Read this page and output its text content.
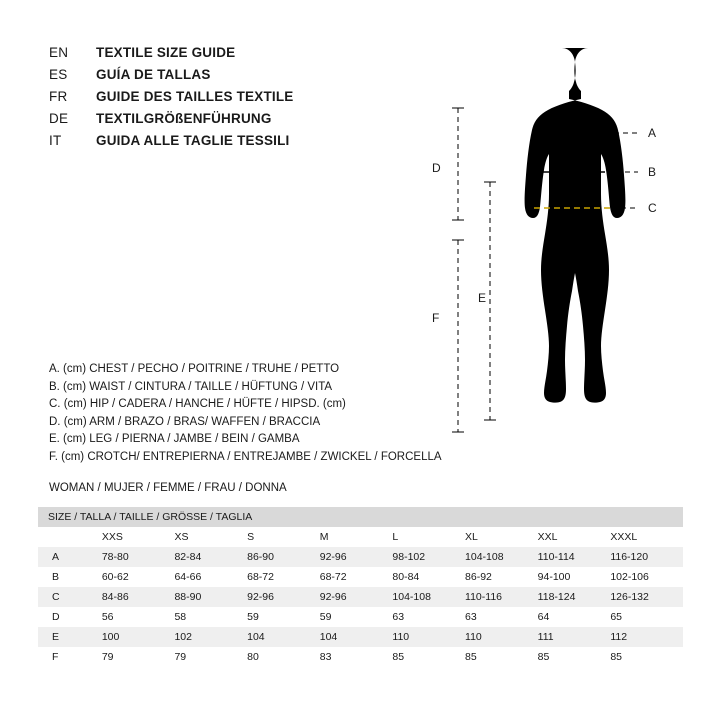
EN	TEXTILE SIZE GUIDE
ES	GUÍA DE TALLAS
FR	GUIDE DES TAILLES TEXTILE
DE	TEXTILGRÖßENFÜHRUNG
IT	GUIDA ALLE TAGLIE TESSILI	A
B
C
D
F
E
A. (cm) CHEST / PECHO / POITRINE / TRUHE / PETTO
B. (cm) WAIST / CINTURA / TAILLE / HÜFTUNG / VITA
C. (cm) HIP / CADERA / HANCHE / HÜFTE / HIPSD. (cm)
D. (cm) ARM / BRAZO / BRAS/ WAFFEN / BRACCIA
E. (cm) LEG / PIERNA / JAMBE / BEIN / GAMBA
F. (cm) CROTCH/ ENTREPIERNA / ENTREJAMBE / ZWICKEL / FORCELLA
WOMAN / MUJER / FEMME / FRAU / DONNA
SIZE / TALLA / TAILLE / GRÖSSE / TAGLIA								
	XXS	XS	S	M	L	XL	XXL	XXXL
A	78-80	82-84	86-90	92-96	98-102	104-108	110-114	116-120
B	60-62	64-66	68-72	68-72	80-84	86-92	94-100	102-106
C	84-86	88-90	92-96	92-96	104-108	110-116	118-124	126-132
D	56	58	59	59	63	63	64	65
E	100	102	104	104	110	110	111	112
F	79	79	80	83	85	85	85	85
